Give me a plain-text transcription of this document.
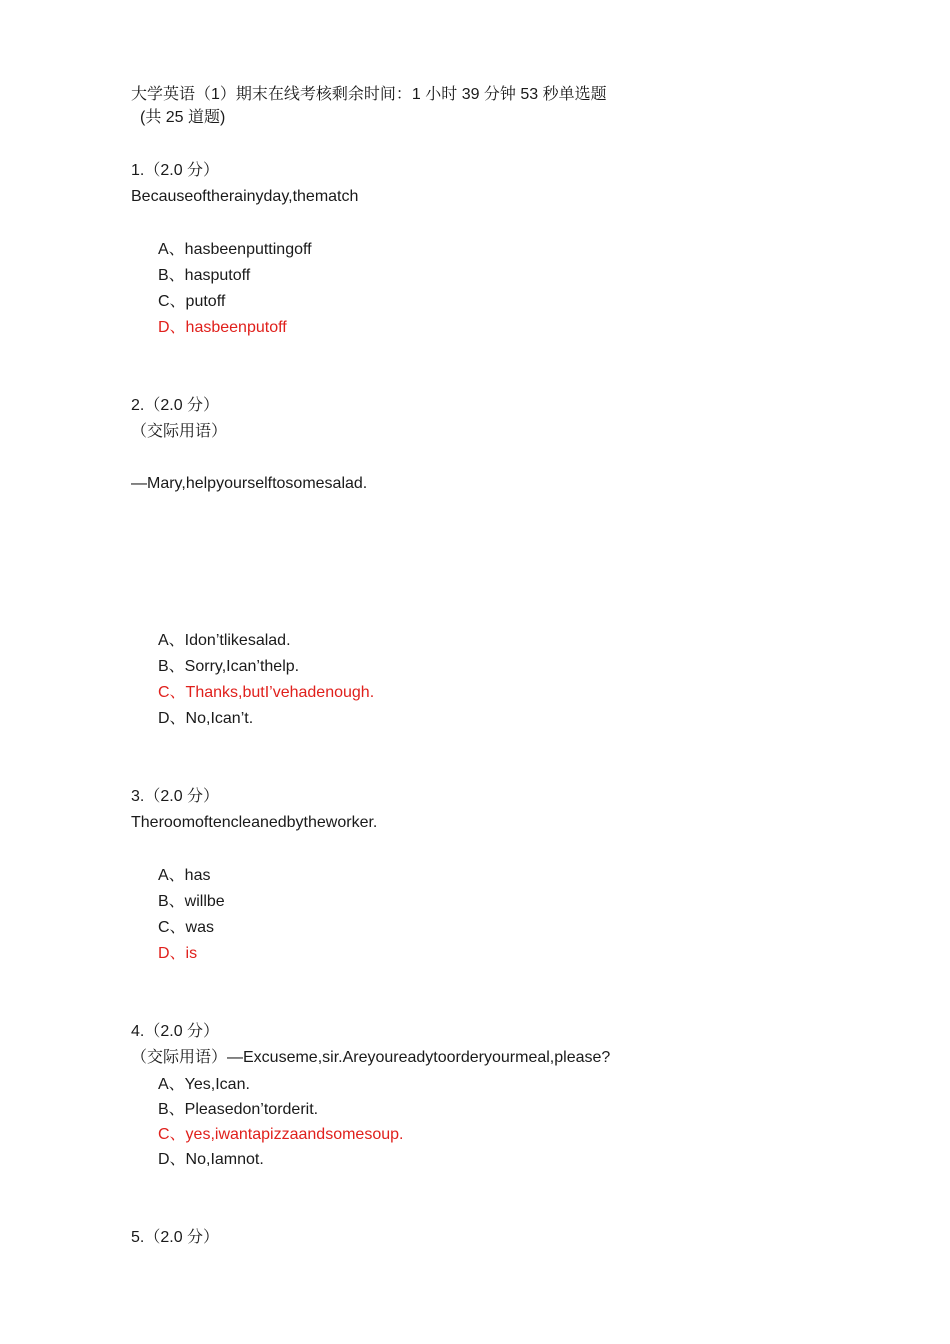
大学英语（1）期末在线考核剩余时间：1 小时 39 分钟 53 秒单选题
(共 25 道题)
1.（2.0 分）
Becauseoftherainyday,thematch
A、hasbeenputtingoff
B、hasputoff
C、putoff
D、hasbeenputoff
2.（2.0 分）
（交际用语）
—Mary,helpyourselftosomesalad.
A、Idon’tlikesalad.
B、Sorry,Ican’thelp.
C、Thanks,butI’vehadenough.
D、No,Ican’t.
3.（2.0 分）
Theroomoftencleanedbytheworker.
A、has
B、willbe
C、was
D、is
4.（2.0 分）
（交际用语）—Excuseme,sir.Areyoureadytoorderyourmeal,please?
A、Yes,Ican.
B、Pleasedon’torderit.
C、yes,iwantapizzaandsomesoup.
D、No,Iamnot.
5.（2.0 分）
